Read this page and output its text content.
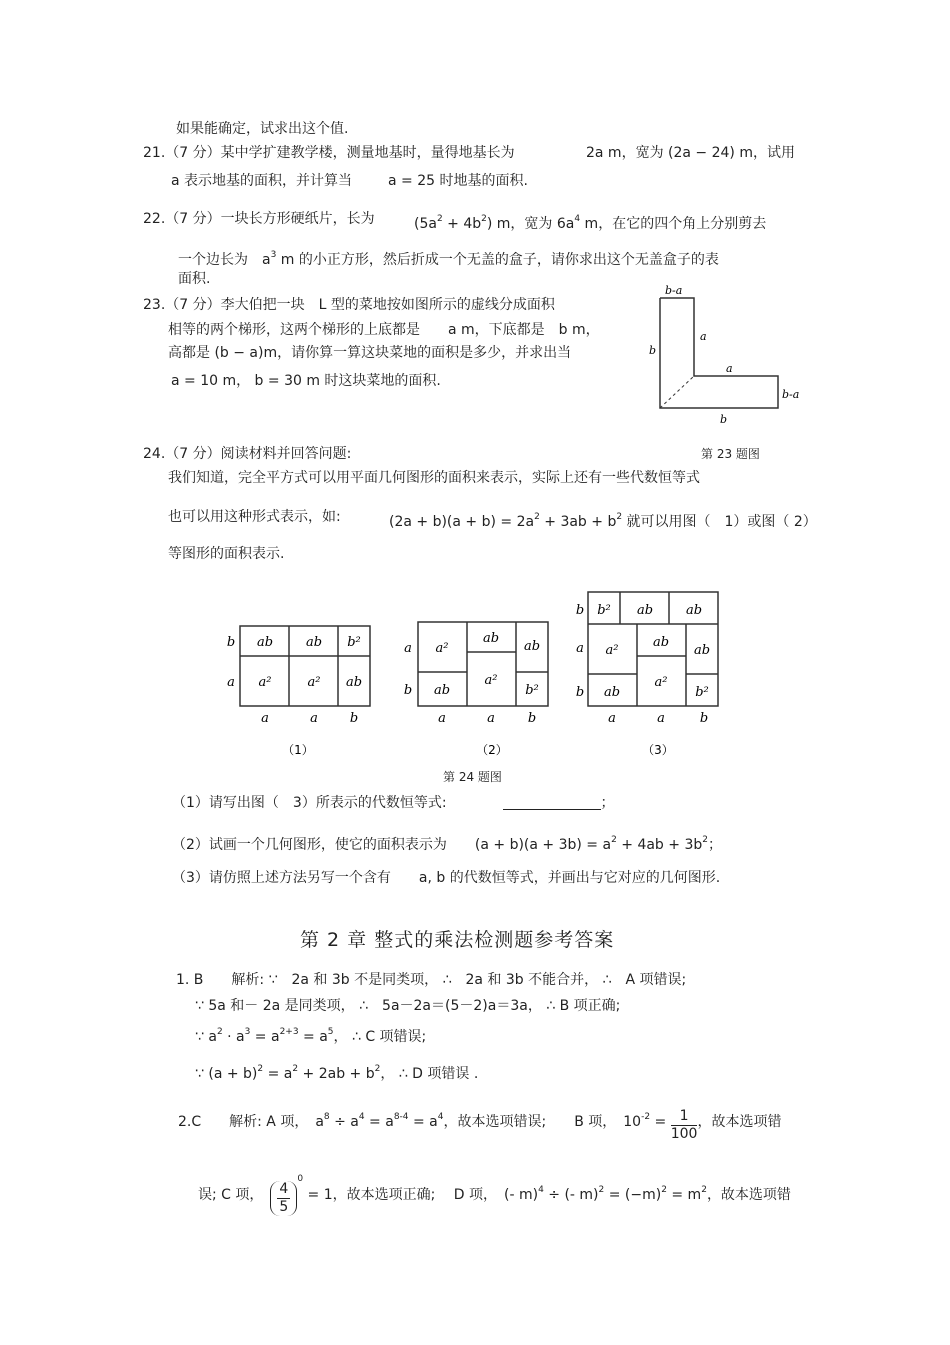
如果能确定，试求出这个值.
21.（7 分）某中学扩建教学楼，测量地基时，量得地基长为	2a m，宽为 (2a − 24) m，试用
a 表示地基的面积，并计算当	a = 25 时地基的面积.
22.（7 分）一块长方形硬纸片，长为	$(5a^2 + 4b^2)$ m，宽为 $6a^4$ m，在它的四个角上分别剪去
一个边长为　 $a^3$ m 的小正方形，然后折成一个无盖的盒子，请你求出这个无盖盒子的表
面积.
23.（7 分）李大伯把一块　L 型的菜地按如图所示的虚线分成面积
相等的两个梯形，这两个梯形的上底都是　　a m，下底都是　b m，
高都是 (b − a)m，请你算一算这块菜地的面积是多少，并求出当
a = 10 m， b = 30 m 时这块菜地的面积.
b-a
b
a
a
b-a
b
第 23 题图
24.（7 分）阅读材料并回答问题:
我们知道，完全平方式可以用平面几何图形的面积来表示，实际上还有一些代数恒等式
也可以用这种形式表示，如:	$(2a + b)(a + b) = 2a^2 + 3ab + b^2$ 就可以用图（　1）或图（ 2）
等图形的面积表示.
ab	ab b²
a²	a² ab
b
a
a	a b
a²
ab
ab
a²
ab
b²
a
b
a	a	b
b² ab	ab
a²
ab
ab
a²
ab
b²
b
a
b
a	a	b
（1）	（2）	（3）
第 24 题图
（1）请写出图（　3）所表示的代数恒等式:　　　　	；
（2）试画一个几何图形，使它的面积表示为　　 $(a + b)(a + 3b) = a^2 + 4ab + 3b^2$；
（3）请仿照上述方法另写一个含有　　a, b 的代数恒等式，并画出与它对应的几何图形.
第 2 章 整式的乘法检测题参考答案
1. B　　解析: ∵　2a 和 3b 不是同类项， ∴　2a 和 3b 不能合并， ∴　A 项错误;
∵ 5a 和－ 2a 是同类项， ∴　5a－2a＝(5－2)a＝3a， ∴ B 项正确;
∵ $a^2 \cdot a^3 = a^{2+3} = a^5$， ∴ C 项错误;
∵ $(a + b)^2 = a^2 + 2ab + b^2$， ∴ D 项错误 .
2.C　　解析: A 项，　 $a^8 \div a^4 = a^{8-4} = a^4$，故本选项错误;　　B 项，　 $10^{-2} = \frac{1}{100}$ ，故本选项错
误; C 项，　 $\frac{4}{5}$
$^0$ = 1，故本选项正确;　 D 项，　 (- m)$^4$ ÷ (- $m)^2 = (-m)^2 = m^2$，故本选项错
